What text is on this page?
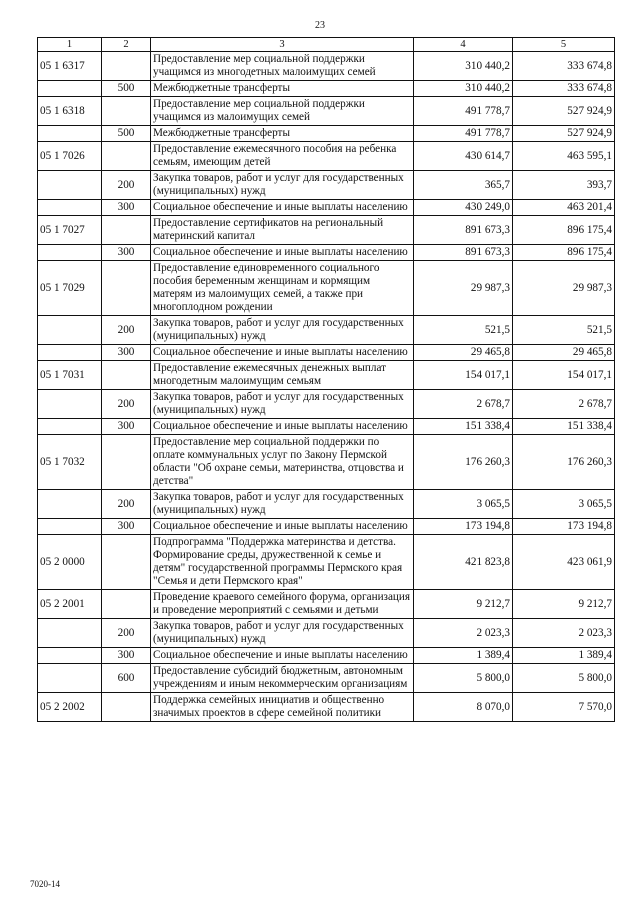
23
1	2	3	4	5
05 1 6317		Предоставление мер социальной поддержки учащимся из многодетных малоимущих семей	310 440,2	333 674,8
	500	Межбюджетные трансферты	310 440,2	333 674,8
05 1 6318		Предоставление мер социальной поддержки учащимся из малоимущих семей	491 778,7	527 924,9
	500	Межбюджетные трансферты	491 778,7	527 924,9
05 1 7026		Предоставление ежемесячного пособия на ребенка семьям, имеющим детей	430 614,7	463 595,1
	200	Закупка товаров, работ и услуг для государственных (муниципальных) нужд	365,7	393,7
	300	Социальное обеспечение и иные выплаты населению	430 249,0	463 201,4
05 1 7027		Предоставление сертификатов на региональный материнский капитал	891 673,3	896 175,4
	300	Социальное обеспечение и иные выплаты населению	891 673,3	896 175,4
05 1 7029		Предоставление единовременного социального пособия беременным женщинам и кормящим матерям из малоимущих семей, а также при многоплодном рождении	29 987,3	29 987,3
	200	Закупка товаров, работ и услуг для государственных (муниципальных) нужд	521,5	521,5
	300	Социальное обеспечение и иные выплаты населению	29 465,8	29 465,8
05 1 7031		Предоставление ежемесячных денежных выплат многодетным малоимущим семьям	154 017,1	154 017,1
	200	Закупка товаров, работ и услуг для государственных (муниципальных) нужд	2 678,7	2 678,7
	300	Социальное обеспечение и иные выплаты населению	151 338,4	151 338,4
05 1 7032		Предоставление мер социальной поддержки по оплате коммунальных услуг по Закону Пермской области "Об охране семьи, материнства, отцовства и детства"	176 260,3	176 260,3
	200	Закупка товаров, работ и услуг для государственных (муниципальных) нужд	3 065,5	3 065,5
	300	Социальное обеспечение и иные выплаты населению	173 194,8	173 194,8
05 2 0000		Подпрограмма "Поддержка материнства и детства. Формирование среды, дружественной к семье и детям" государственной программы Пермского края "Семья и дети Пермского края"	421 823,8	423 061,9
05 2 2001		Проведение краевого семейного форума, организация и проведение мероприятий с семьями и детьми	9 212,7	9 212,7
	200	Закупка товаров, работ и услуг для государственных (муниципальных) нужд	2 023,3	2 023,3
	300	Социальное обеспечение и иные выплаты населению	1 389,4	1 389,4
	600	Предоставление субсидий бюджетным, автономным учреждениям и иным некоммерческим организациям	5 800,0	5 800,0
05 2 2002		Поддержка семейных инициатив и общественно значимых проектов в сфере семейной политики	8 070,0	7 570,0
7020-14
